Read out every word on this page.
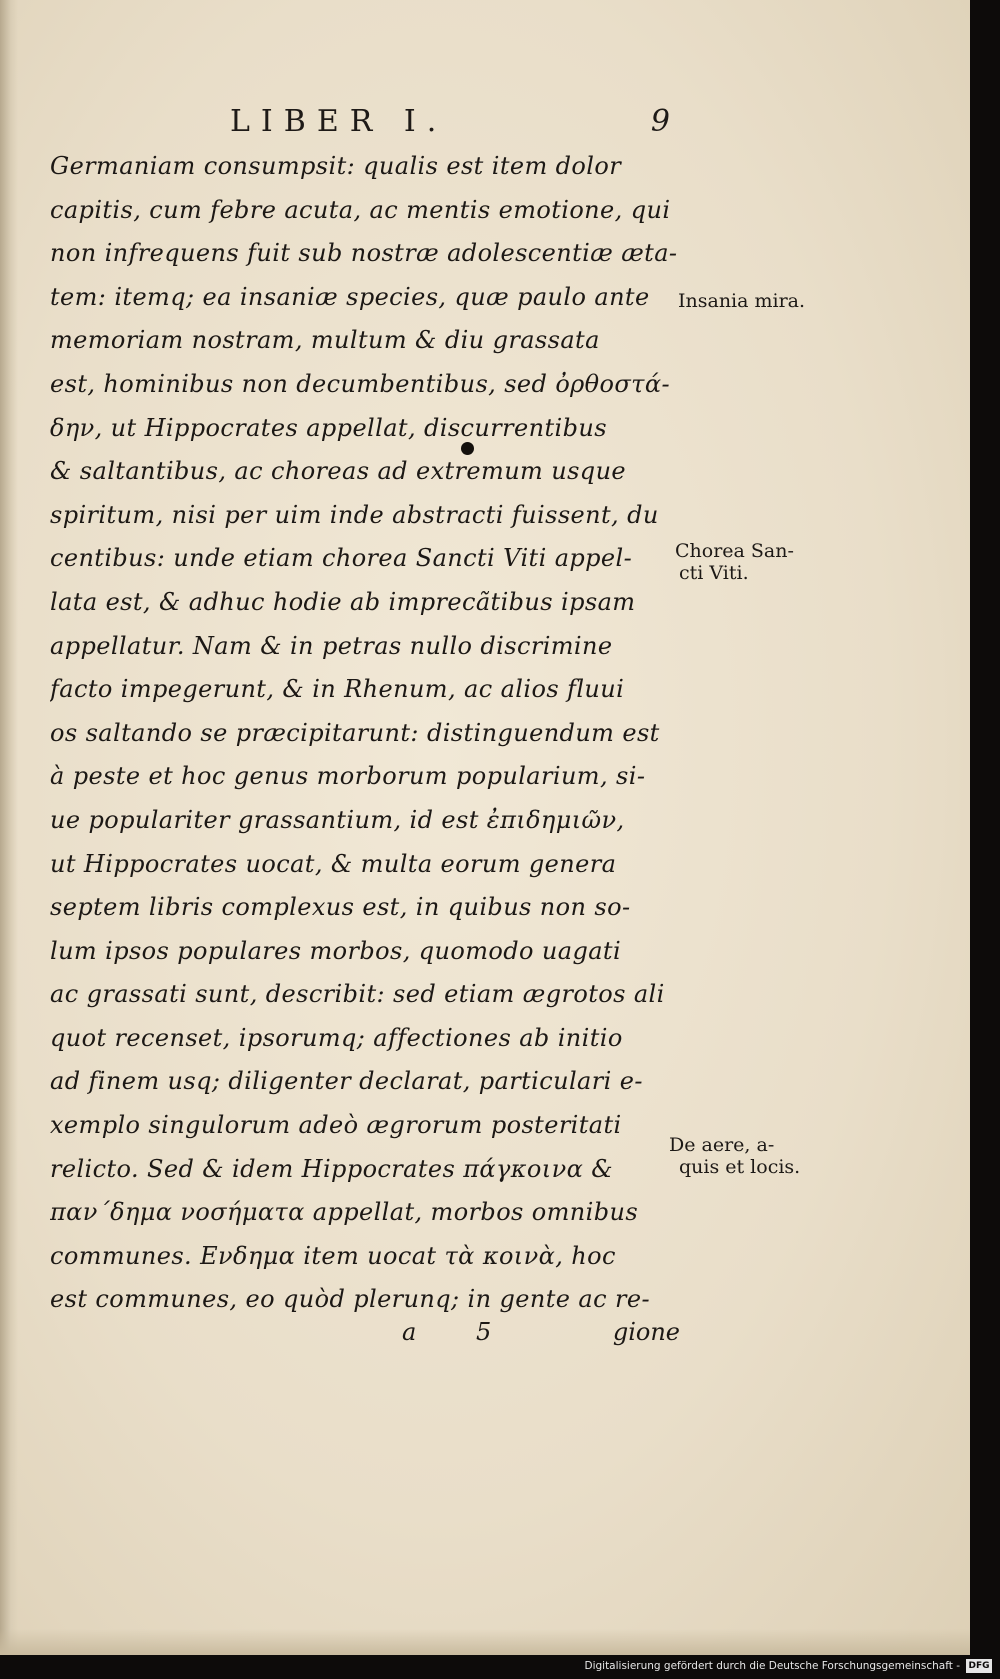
LIBER I.	9
Germaniam consumpsit: qualis est item dolor
capitis, cum febre acuta, ac mentis emotione, qui
non infrequens fuit sub nostræ adolescentiæ æta-
tem: itemq; ea insaniæ species, quæ paulo ante
memoriam nostram, multum & diu grassata
est, hominibus non decumbentibus, sed ὀρθοστά-
δην, ut Hippocrates appellat, discurrentibus
& saltantibus, ac choreas ad extremum usque
spiritum, nisi per uim inde abstracti fuissent, du
centibus: unde etiam chorea Sancti Viti appel-
lata est, & adhuc hodie ab imprecãtibus ipsam
appellatur. Nam & in petras nullo discrimine
facto impegerunt, & in Rhenum, ac alios fluui
os saltando se præcipitarunt: distinguendum est
à peste et hoc genus morborum popularium, si-
ue populariter grassantium, id est ἐπιδημιῶν,
ut Hippocrates uocat, & multa eorum genera
septem libris complexus est, in quibus non so-
lum ipsos populares morbos, quomodo uagati
ac grassati sunt, describit: sed etiam ægrotos ali
quot recenset, ipsorumq; affectiones ab initio
ad finem usq; diligenter declarat, particulari e-
xemplo singulorum adeò ægrorum posteritati
relicto. Sed & idem Hippocrates πάγκοινα &
παν΄δημα νοσήματα appellat, morbos omnibus
communes. Ενδημα item uocat τὰ κοινὰ, hoc
est communes, eo quòd plerunq; in gente ac re-
a 5	gione
Insania mira.
Chorea San-
cti Viti.
De aere, a-
quis et locis.
Digitalisierung gefördert durch die Deutsche Forschungsgemeinschaft - DFG
